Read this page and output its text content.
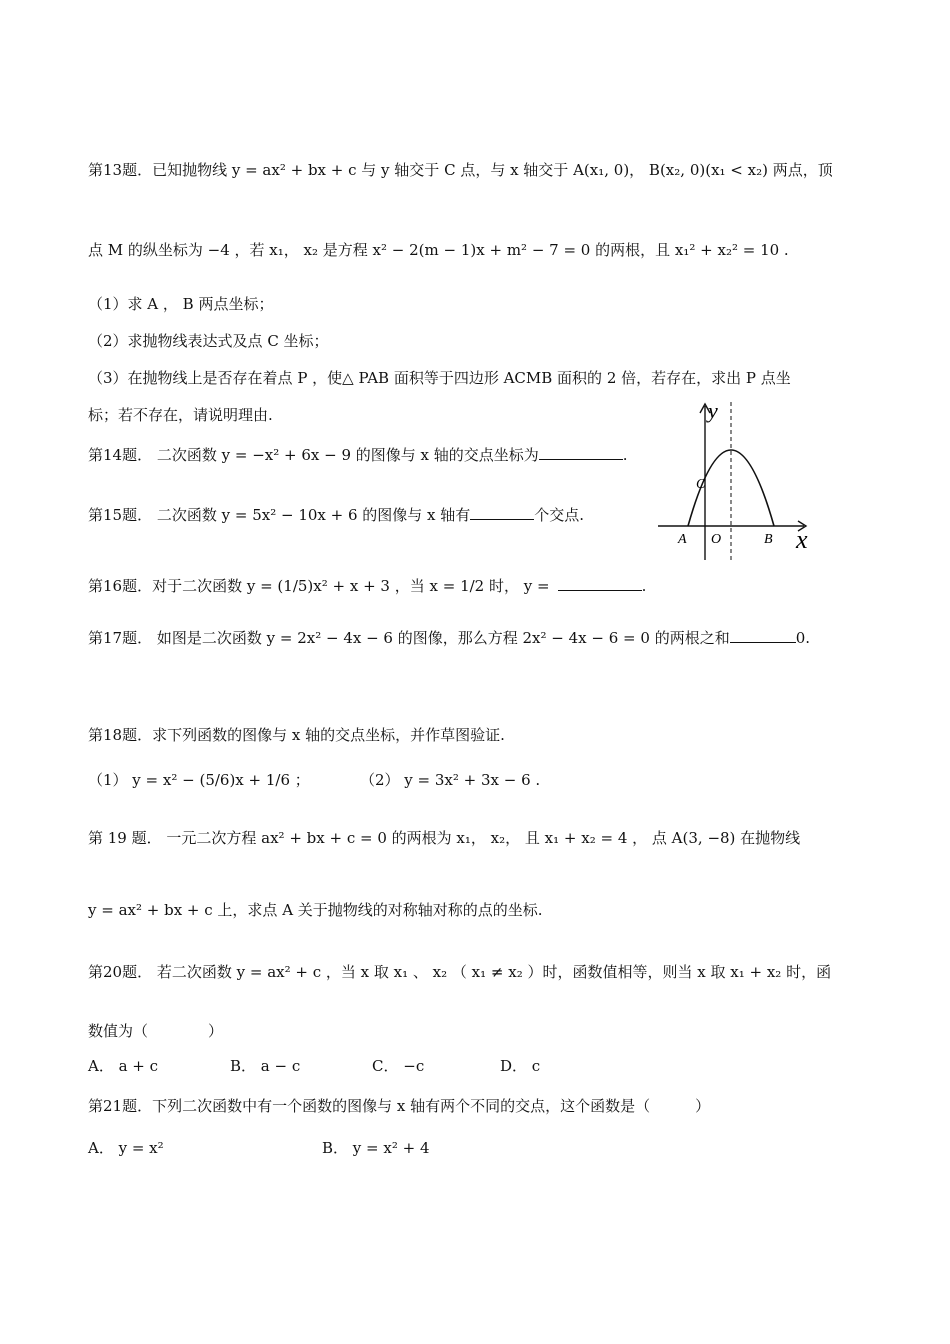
第13题．已知抛物线 y = ax² + bx + c 与 y 轴交于 C 点，与 x 轴交于 A(x₁, 0)， B(x₂, 0)(x₁ < x₂) 两点，顶
点 M 的纵坐标为 −4 ，若 x₁， x₂ 是方程 x² − 2(m − 1)x + m² − 7 = 0 的两根，且 x₁² + x₂² = 10 .
（1）求 A ， B 两点坐标；
（2）求抛物线表达式及点 C 坐标；
（3）在抛物线上是否存在着点 P ，使△ PAB 面积等于四边形 ACMB 面积的 2 倍，若存在，求出 P 点坐
标；若不存在，请说明理由.
第14题． 二次函数 y = −x² + 6x − 9 的图像与 x 轴的交点坐标为	.
第15题． 二次函数 y = 5x² − 10x + 6 的图像与 x 轴有	个交点.
第16题．对于二次函数 y = (1/5)x² + x + 3 ，当 x = 1/2 时， y =	.
第17题． 如图是二次函数 y = 2x² − 4x − 6 的图像，那么方程 2x² − 4x − 6 = 0 的两根之和	0.
第18题．求下列函数的图像与 x 轴的交点坐标，并作草图验证.
（1） y = x² − (5/6)x + 1/6 ；	（2） y = 3x² + 3x − 6 .
第 19 题． 一元二次方程 ax² + bx + c = 0 的两根为 x₁， x₂， 且 x₁ + x₂ = 4 ， 点 A(3, −8) 在抛物线
y = ax² + bx + c 上，求点 A 关于抛物线的对称轴对称的点的坐标.
第20题． 若二次函数 y = ax² + c ，当 x 取 x₁ 、 x₂ （ x₁ ≠ x₂ ）时，函数值相等，则当 x 取 x₁ + x₂ 时，函
数值为（　　　　）
A． a + c	B． a − c	C． −c	D． c
第21题．下列二次函数中有一个函数的图像与 x 轴有两个不同的交点，这个函数是（　　　）
A． y = x²	B． y = x² + 4
y
x
A O	B
C
